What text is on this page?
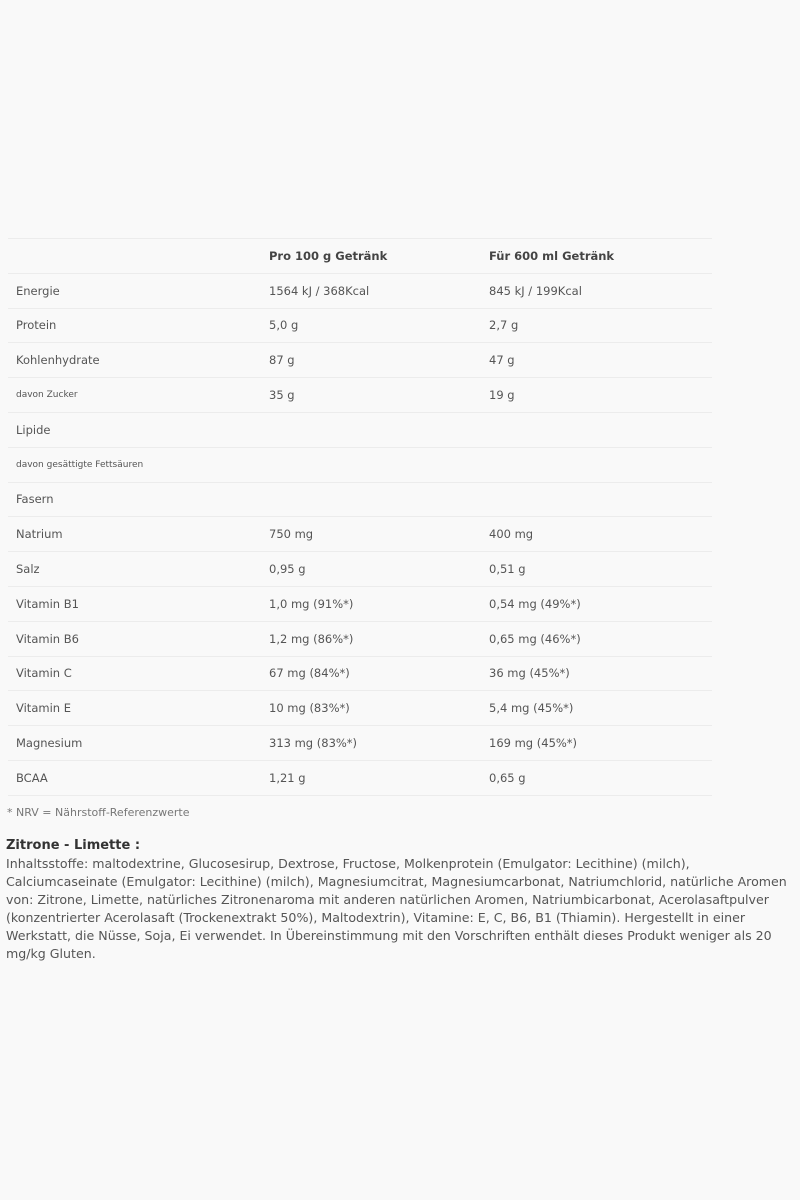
	Pro 100 g Getränk	Für 600 ml Getränk
Energie	1564 kJ / 368Kcal	845 kJ / 199Kcal
Protein	5,0 g	2,7 g
Kohlenhydrate	87 g	47 g
davon Zucker	35 g	19 g
Lipide		
davon gesättigte Fettsäuren		
Fasern		
Natrium	750 mg	400 mg
Salz	0,95 g	0,51 g
Vitamin B1	1,0 mg (91%*)	0,54 mg (49%*)
Vitamin B6	1,2 mg (86%*)	0,65 mg (46%*)
Vitamin C	67 mg (84%*)	36 mg (45%*)
Vitamin E	10 mg (83%*)	5,4 mg (45%*)
Magnesium	313 mg (83%*)	169 mg (45%*)
BCAA	1,21 g	0,65 g

* NRV = Nährstoff-Referenzwerte

Zitrone - Limette :
Inhaltsstoffe: maltodextrine, Glucosesirup, Dextrose, Fructose, Molkenprotein (Emulgator: Lecithine) (milch), Calciumcaseinate (Emulgator: Lecithine) (milch), Magnesiumcitrat, Magnesiumcarbonat, Natriumchlorid, natürliche Aromen von: Zitrone, Limette, natürliches Zitronenaroma mit anderen natürlichen Aromen, Natriumbicarbonat, Acerolasaftpulver (konzentrierter Acerolasaft (Trockenextrakt 50%), Maltodextrin), Vitamine: E, C, B6, B1 (Thiamin). Hergestellt in einer Werkstatt, die Nüsse, Soja, Ei verwendet. In Übereinstimmung mit den Vorschriften enthält dieses Produkt weniger als 20 mg/kg Gluten.
